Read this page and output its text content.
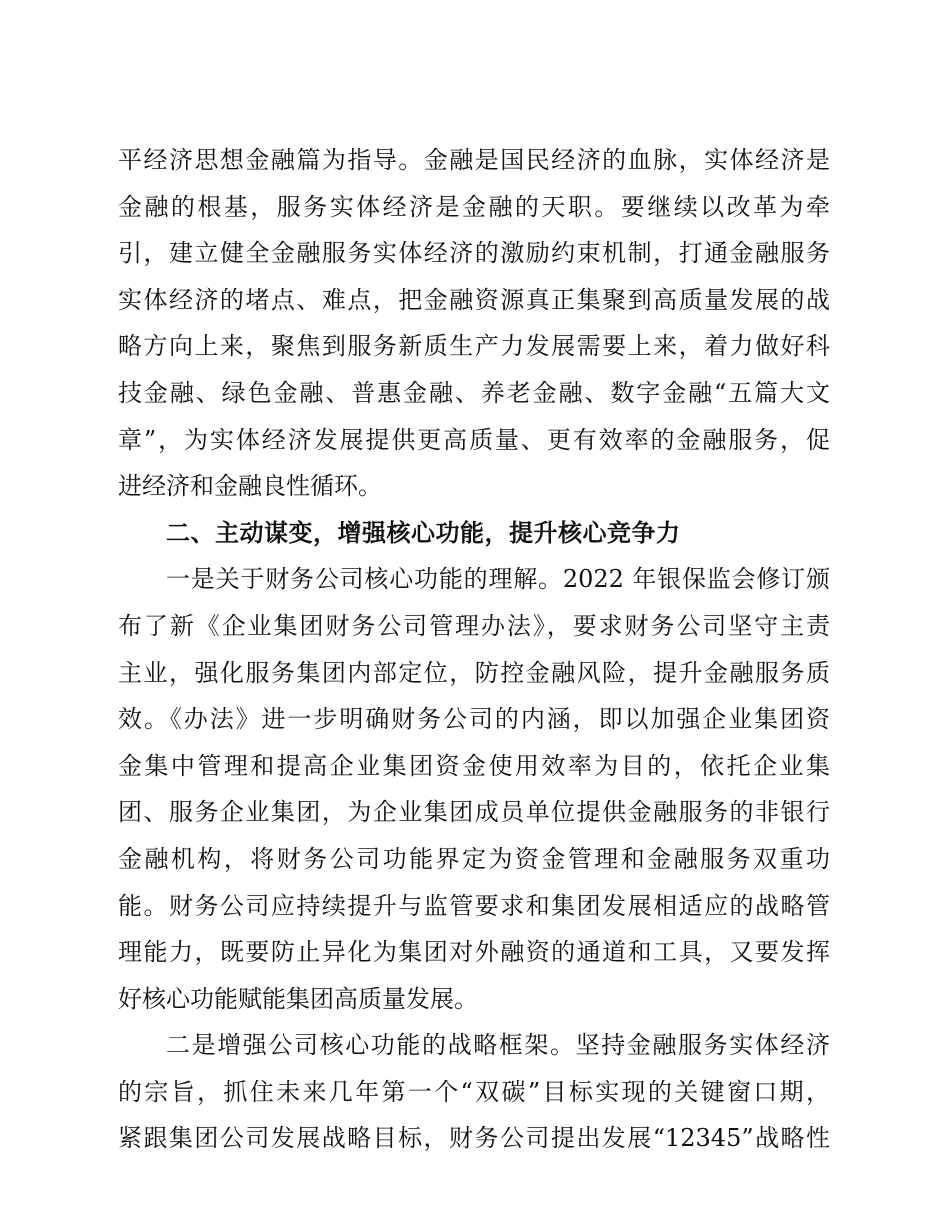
平经济思想金融篇为指导。金融是国民经济的血脉，实体经济是
金融的根基，服务实体经济是金融的天职。要继续以改革为牵
引，建立健全金融服务实体经济的激励约束机制，打通金融服务
实体经济的堵点、难点，把金融资源真正集聚到高质量发展的战
略方向上来，聚焦到服务新质生产力发展需要上来，着力做好科
技金融、绿色金融、普惠金融、养老金融、数字金融“五篇大文
章”，为实体经济发展提供更高质量、更有效率的金融服务，促
进经济和金融良性循环。
二、主动谋变，增强核心功能，提升核心竞争力
一是关于财务公司核心功能的理解。2022 年银保监会修订颁
布了新《企业集团财务公司管理办法》，要求财务公司坚守主责
主业，强化服务集团内部定位，防控金融风险，提升金融服务质
效。《办法》进一步明确财务公司的内涵，即以加强企业集团资
金集中管理和提高企业集团资金使用效率为目的，依托企业集
团、服务企业集团，为企业集团成员单位提供金融服务的非银行
金融机构，将财务公司功能界定为资金管理和金融服务双重功
能。财务公司应持续提升与监管要求和集团发展相适应的战略管
理能力，既要防止异化为集团对外融资的通道和工具，又要发挥
好核心功能赋能集团高质量发展。
二是增强公司核心功能的战略框架。坚持金融服务实体经济
的宗旨，抓住未来几年第一个“双碳”目标实现的关键窗口期，
紧跟集团公司发展战略目标，财务公司提出发展“12345”战略性
